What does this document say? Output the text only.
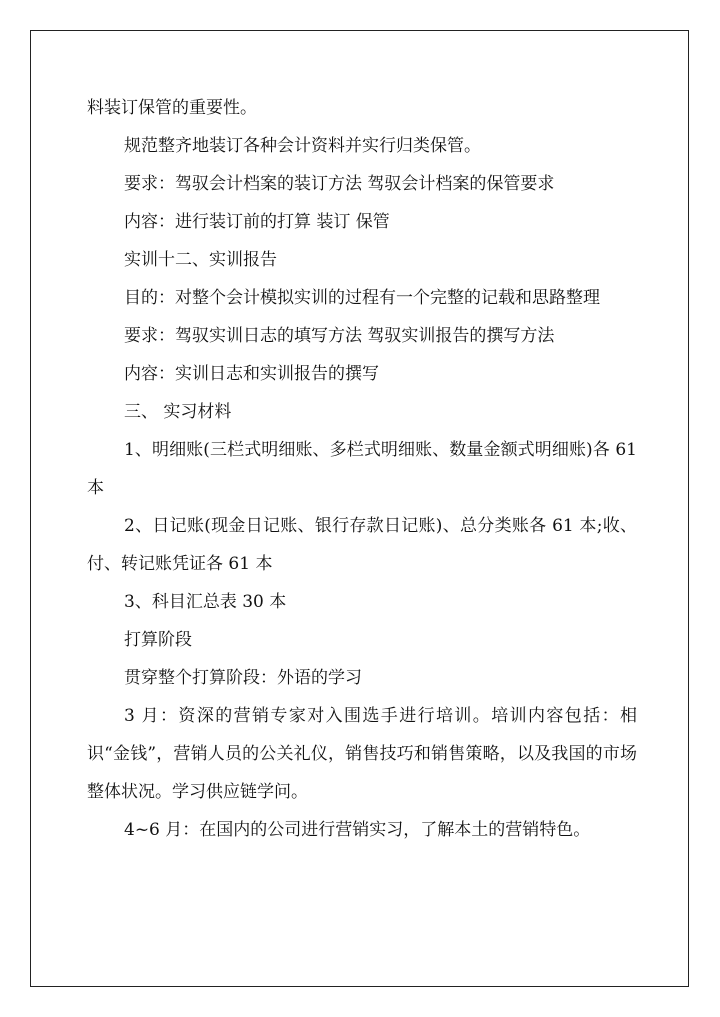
料装订保管的重要性。

规范整齐地装订各种会计资料并实行归类保管。

要求：驾驭会计档案的装订方法 驾驭会计档案的保管要求

内容：进行装订前的打算 装订 保管

实训十二、实训报告

目的：对整个会计模拟实训的过程有一个完整的记载和思路整理

要求：驾驭实训日志的填写方法 驾驭实训报告的撰写方法

内容：实训日志和实训报告的撰写

三、 实习材料

1、明细账(三栏式明细账、多栏式明细账、数量金额式明细账)各 61 本

2、日记账(现金日记账、银行存款日记账)、总分类账各 61 本;收、付、转记账凭证各 61 本

3、科目汇总表 30 本

打算阶段

贯穿整个打算阶段：外语的学习

3 月：资深的营销专家对入围选手进行培训。培训内容包括：相识“金钱”，营销人员的公关礼仪，销售技巧和销售策略，以及我国的市场整体状况。学习供应链学问。

4~6 月：在国内的公司进行营销实习，了解本土的营销特色。
